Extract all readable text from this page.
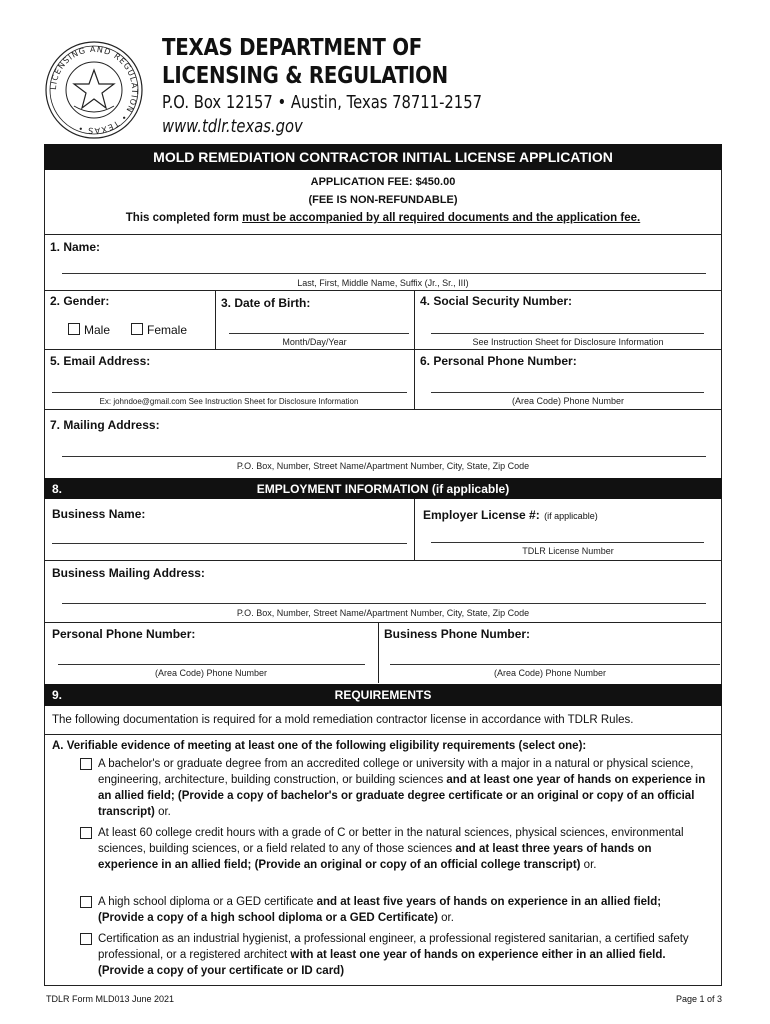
LICENSING AND REGULATION • TEXAS •
TEXAS DEPARTMENT OF
LICENSING & REGULATION
P.O. Box 12157 • Austin, Texas 78711-2157
www.tdlr.texas.gov
MOLD REMEDIATION CONTRACTOR INITIAL LICENSE APPLICATION
APPLICATION FEE: $450.00
(FEE IS NON-REFUNDABLE)
This completed form must be accompanied by all required documents and the application fee.
1. Name:
Last, First, Middle Name, Suffix (Jr., Sr., III)
2. Gender:
Male	Female
3. Date of Birth:
Month/Day/Year
4. Social Security Number:
See Instruction Sheet for Disclosure Information
5. Email Address:
Ex: johndoe@gmail.com See Instruction Sheet for Disclosure Information
6. Personal Phone Number:
(Area Code) Phone Number
7. Mailing Address:
P.O. Box, Number, Street Name/Apartment Number, City, State, Zip Code
8.	EMPLOYMENT INFORMATION (if applicable)
Business Name:	Employer License #: (if applicable)
TDLR License Number
Business Mailing Address:
P.O. Box, Number, Street Name/Apartment Number, City, State, Zip Code
Personal Phone Number:
(Area Code) Phone Number
Business Phone Number:
(Area Code) Phone Number
9.	REQUIREMENTS
The following documentation is required for a mold remediation contractor license in accordance with TDLR Rules.
A. Verifiable evidence of meeting at least one of the following eligibility requirements (select one):
A bachelor's or graduate degree from an accredited college or university with a major in a natural or physical science, engineering, architecture, building construction, or building sciences and at least one year of hands on experience in an allied field; (Provide a copy of bachelor's or graduate degree certificate or an original or copy of an official transcript) or.
At least 60 college credit hours with a grade of C or better in the natural sciences, physical sciences, environmental sciences, building sciences, or a field related to any of those sciences and at least three years of hands on experience in an allied field; (Provide an original or copy of an official college transcript) or.
A high school diploma or a GED certificate and at least five years of hands on experience in an allied field; (Provide a copy of a high school diploma or a GED Certificate) or.
Certification as an industrial hygienist, a professional engineer, a professional registered sanitarian, a certified safety professional, or a registered architect with at least one year of hands on experience either in an allied field. (Provide a copy of your certificate or ID card)
TDLR Form MLD013 June 2021	Page 1 of 3
